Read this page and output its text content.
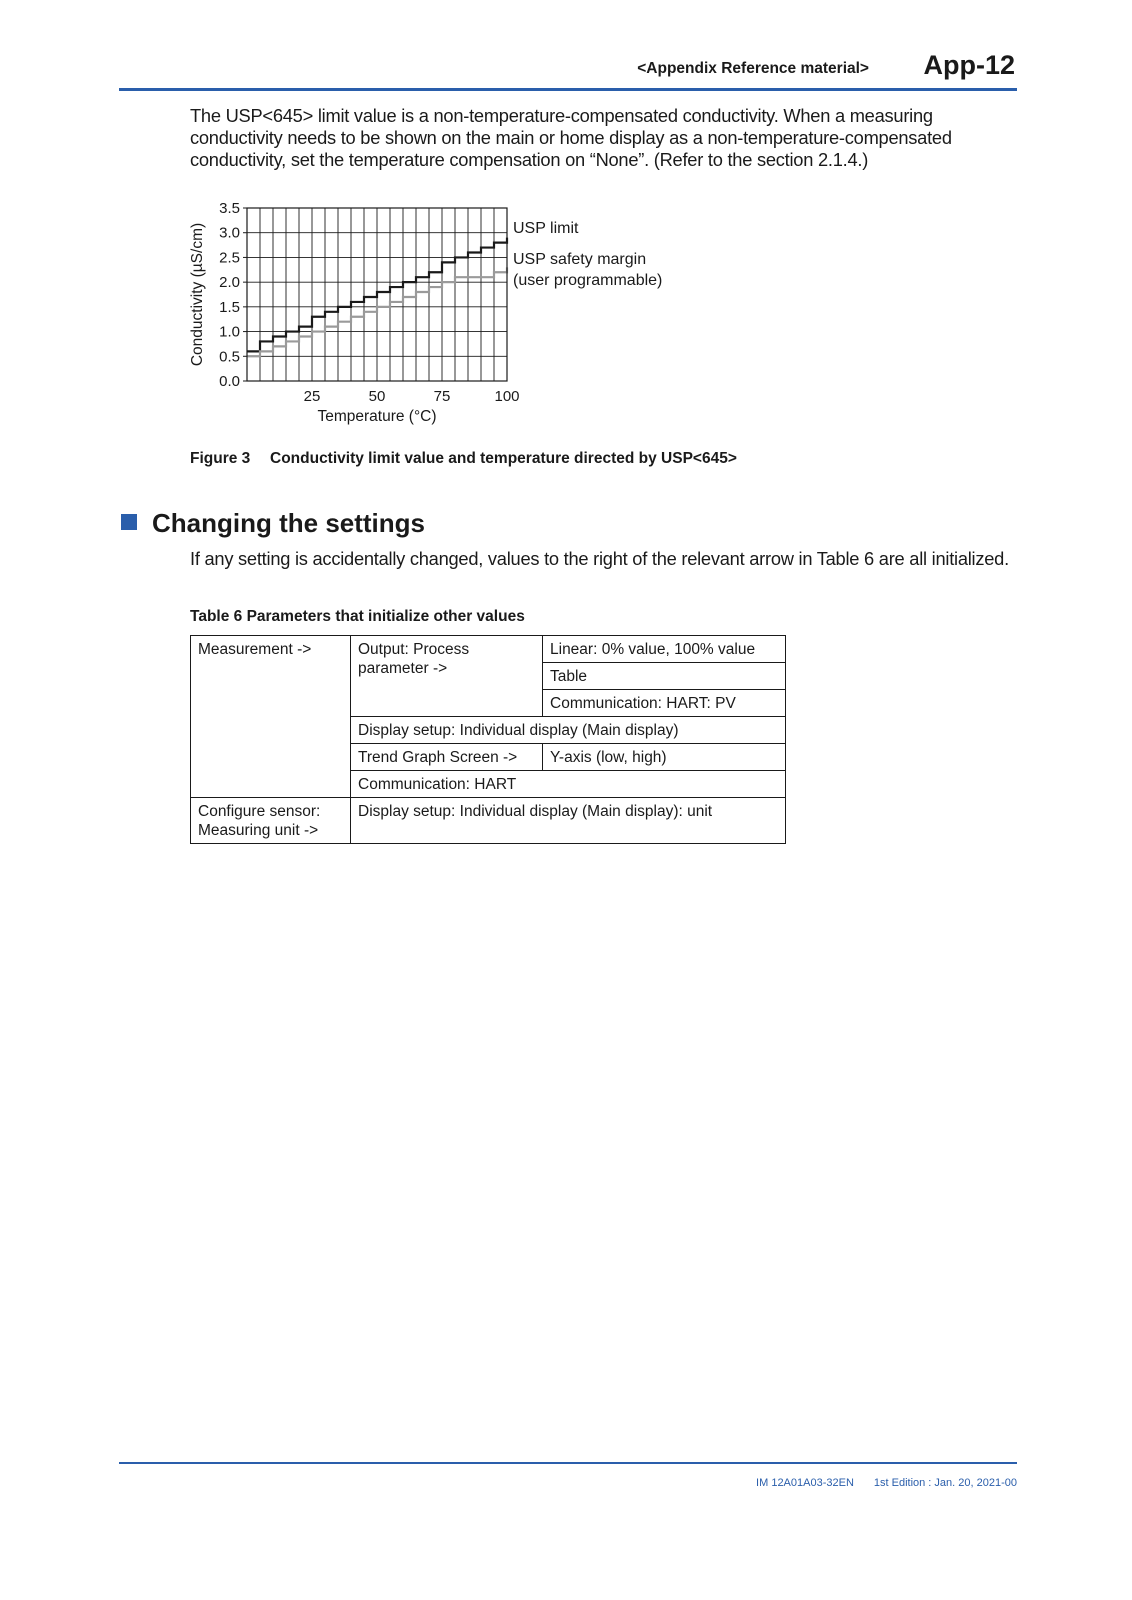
<Appendix Reference material> App-12

The USP<645> limit value is a non-temperature-compensated conductivity. When a measuring conductivity needs to be shown on the main or home display as a non-temperature-compensated conductivity, set the temperature compensation on “None”. (Refer to the section 2.1.4.)

0.0
0.5
1.0
1.5
2.0
2.5
3.0
3.5
25	50	75	100
Temperature (°C)
Conductivity (µS/cm)	USP limit
USP safety margin
(user programmable)
Figure 3 Conductivity limit value and temperature directed by USP<645>
Changing the settings

If any setting is accidentally changed, values to the right of the relevant arrow in Table 6 are all initialized.

Table 6 Parameters that initialize other values
Measurement ->	Output: Process parameter ->	Linear: 0% value, 100% value
		Table
		Communication: HART: PV
	Display setup: Individual display (Main display)	
	Trend Graph Screen ->	Y-axis (low, high)
	Communication: HART	
Configure sensor: Measuring unit ->	Display setup: Individual display (Main display): unit	
IM 12A01A03-32EN 1st Edition : Jan. 20, 2021-00
